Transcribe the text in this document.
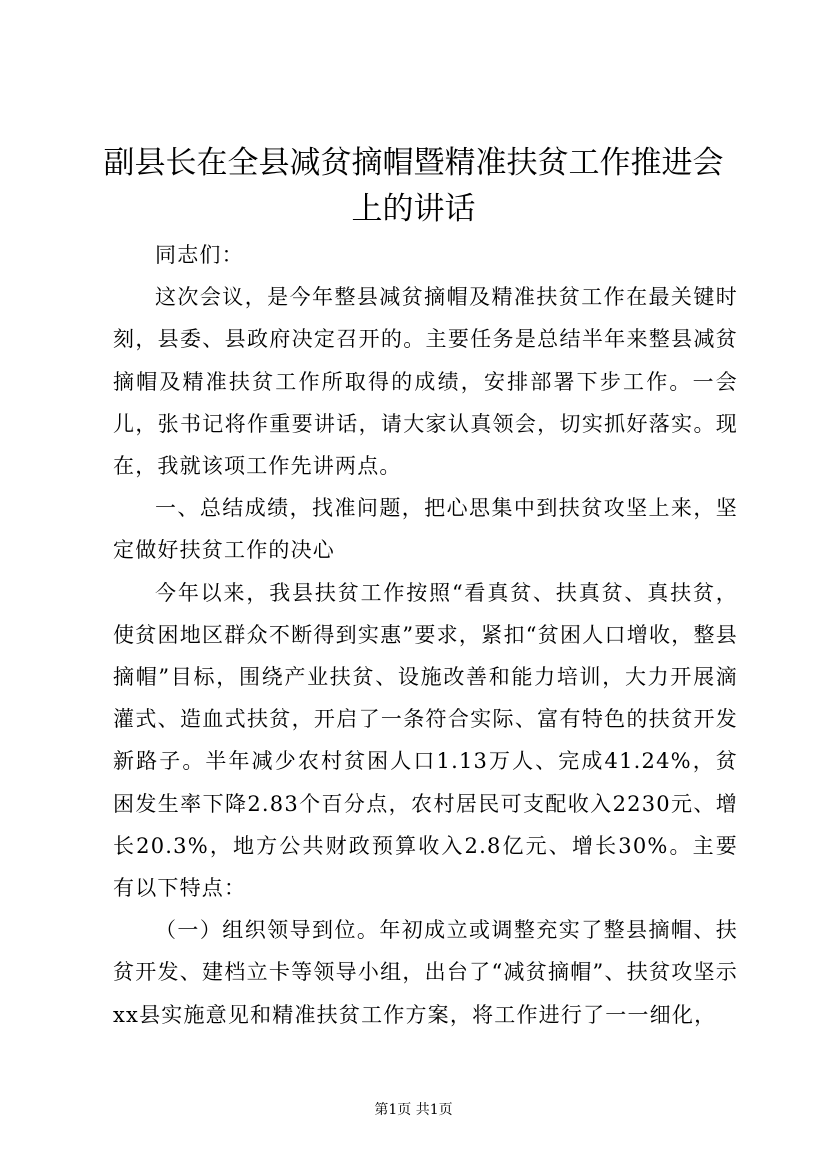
副县长在全县减贫摘帽暨精准扶贫工作推进会上的讲话

同志们：

这次会议，是今年整县减贫摘帽及精准扶贫工作在最关键时刻，县委、县政府决定召开的。主要任务是总结半年来整县减贫摘帽及精准扶贫工作所取得的成绩，安排部署下步工作。一会儿，张书记将作重要讲话，请大家认真领会，切实抓好落实。现在，我就该项工作先讲两点。

一、总结成绩，找准问题，把心思集中到扶贫攻坚上来，坚定做好扶贫工作的决心

今年以来，我县扶贫工作按照“看真贫、扶真贫、真扶贫，使贫困地区群众不断得到实惠”要求，紧扣“贫困人口增收，整县摘帽”目标，围绕产业扶贫、设施改善和能力培训，大力开展滴灌式、造血式扶贫，开启了一条符合实际、富有特色的扶贫开发新路子。半年减少农村贫困人口1.13万人、完成41.24%，贫困发生率下降2.83个百分点，农村居民可支配收入2230元、增长20.3%，地方公共财政预算收入2.8亿元、增长30%。主要有以下特点：

（一）组织领导到位。年初成立或调整充实了整县摘帽、扶贫开发、建档立卡等领导小组，出台了“减贫摘帽”、扶贫攻坚示xx县实施意见和精准扶贫工作方案，将工作进行了一一细化，

第1页 共1页
